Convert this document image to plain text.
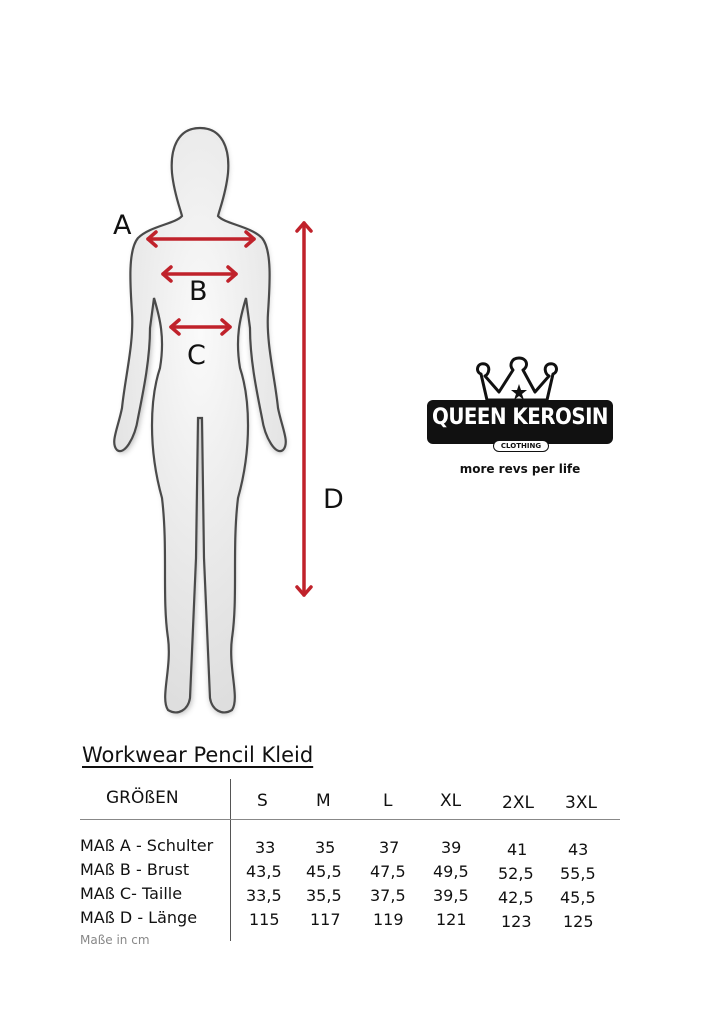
A
B
C
D
QUEEN KEROSIN
CLOTHING
more revs per life
Workwear Pencil Kleid
GRÖßEN	S	M	L	XL 2XL 3XL
MAß A - Schulter	33 35	37	39	41	43
MAß B - Brust	43,5 45,5 47,5 49,5 52,5 55,5
MAß C- Taille	33,5 35,5 37,5 39,5 42,5 45,5
MAß D - Länge	115 117 119 121 123 125
Maße in cm
